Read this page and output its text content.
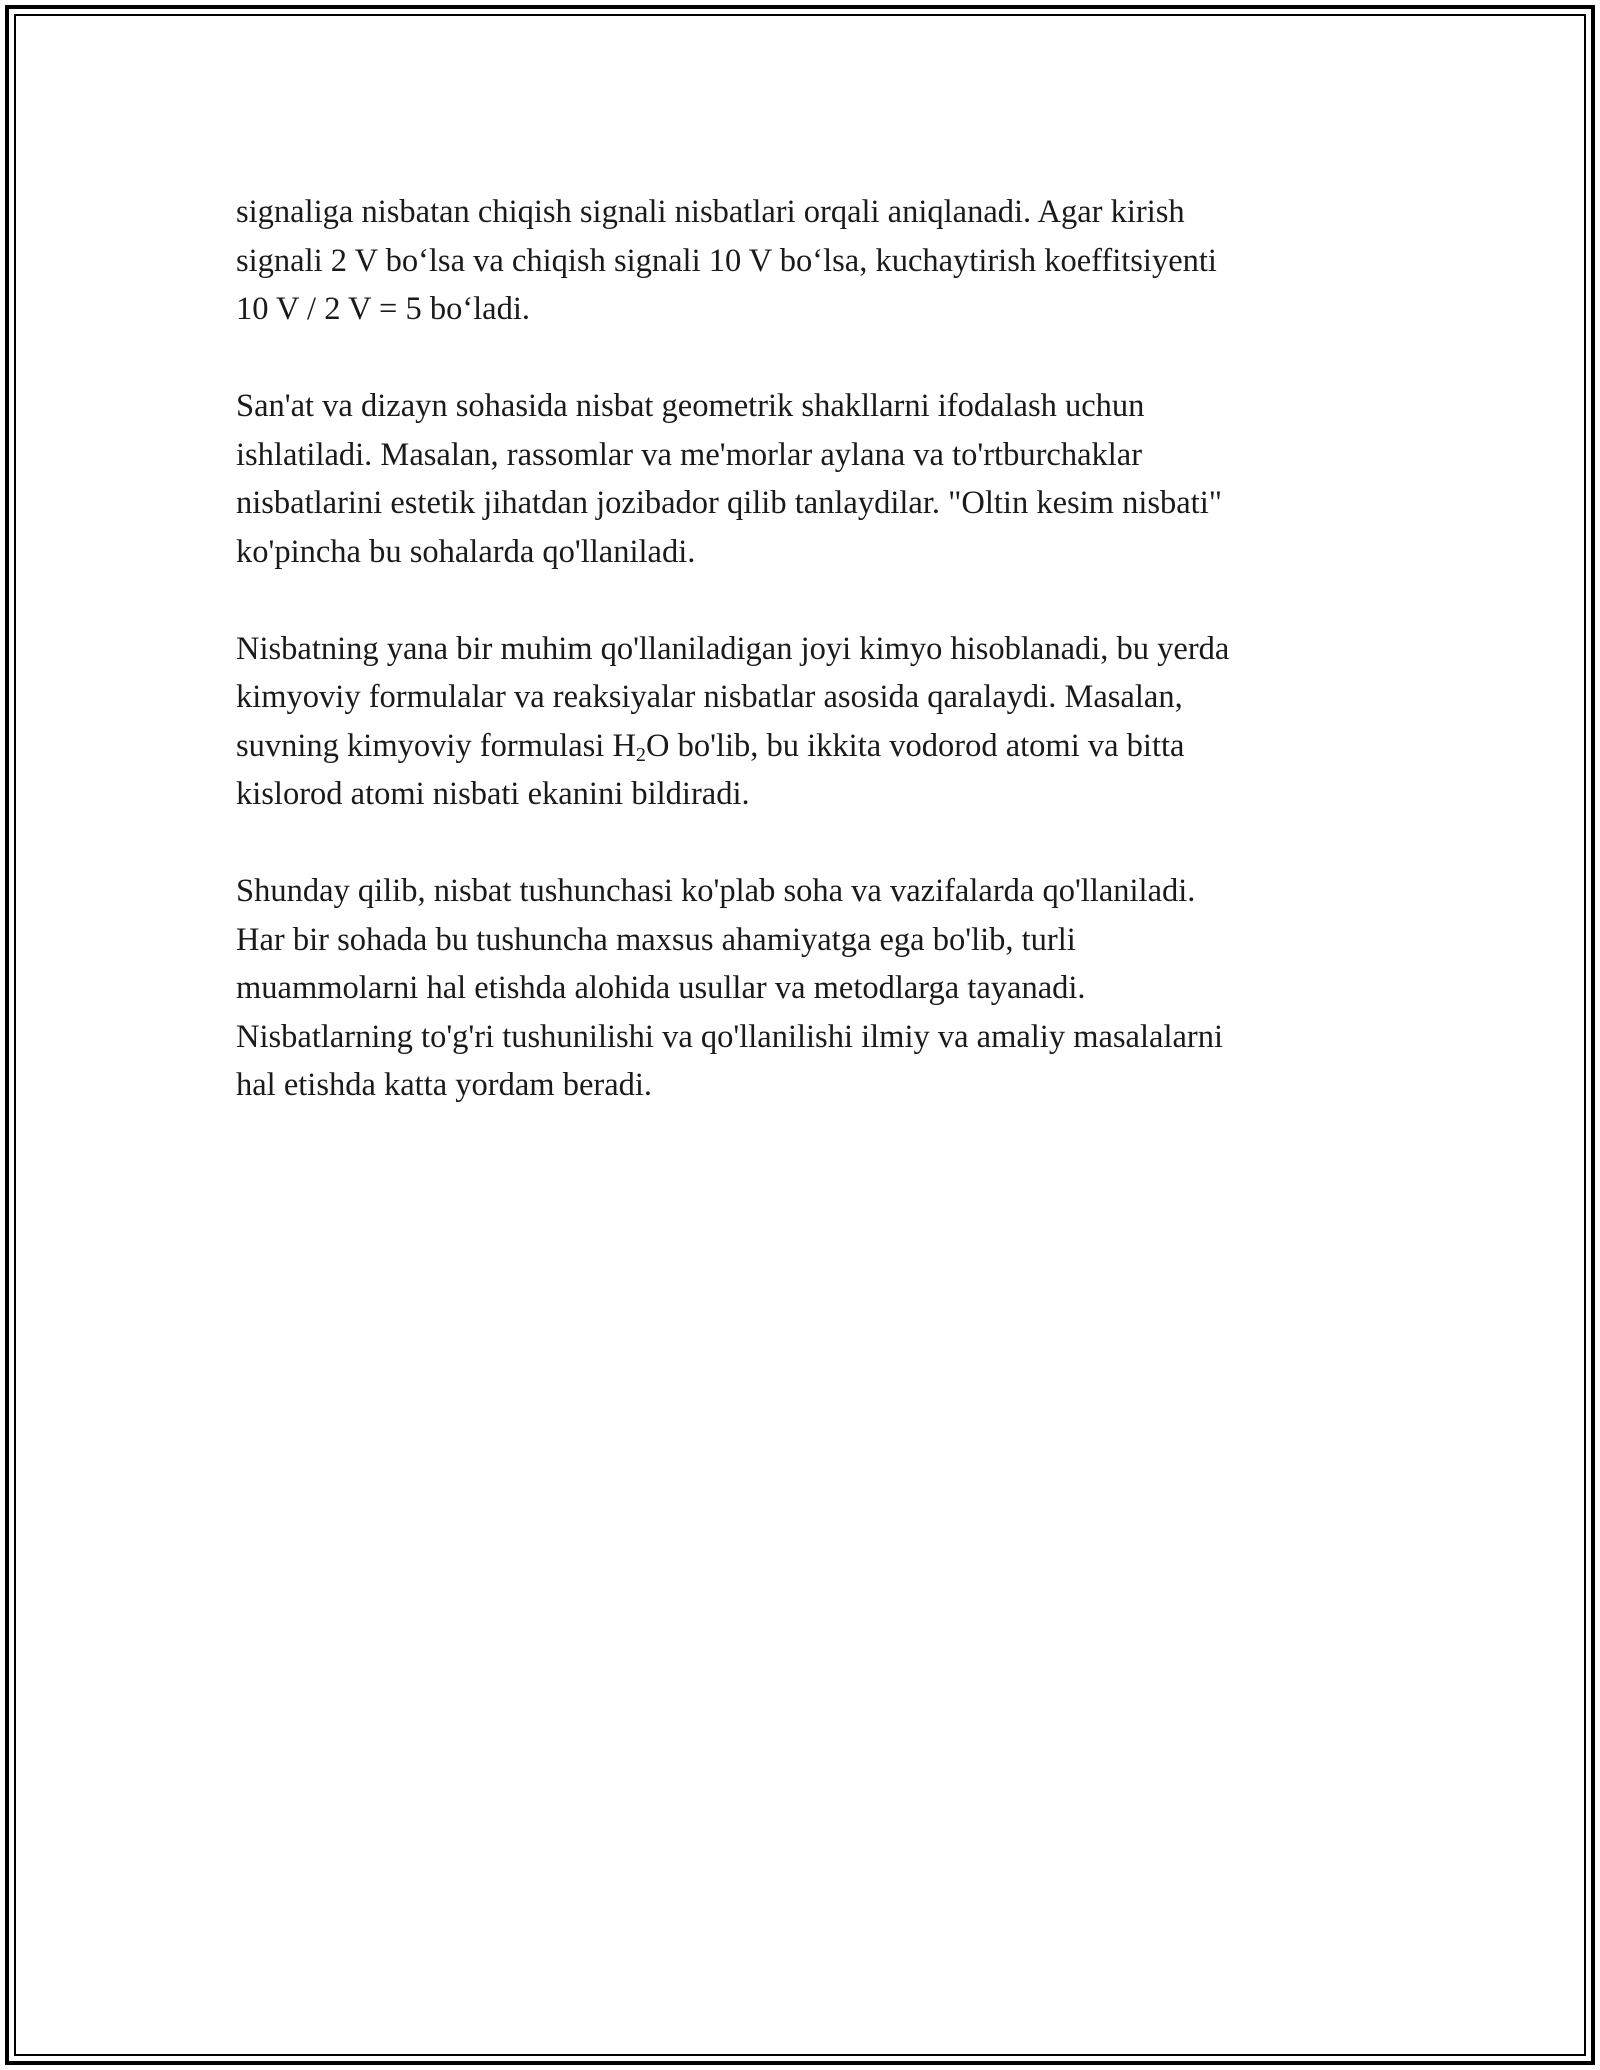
signaliga nisbatan chiqish signali nisbatlari orqali aniqlanadi. Agar kirish
signali 2 V bo‘lsa va chiqish signali 10 V bo‘lsa, kuchaytirish koeffitsiyenti
10 V / 2 V = 5 bo‘ladi.
San'at va dizayn sohasida nisbat geometrik shakllarni ifodalash uchun
ishlatiladi. Masalan, rassomlar va me'morlar aylana va to'rtburchaklar
nisbatlarini estetik jihatdan jozibador qilib tanlaydilar. "Oltin kesim nisbati"
ko'pincha bu sohalarda qo'llaniladi.
Nisbatning yana bir muhim qo'llaniladigan joyi kimyo hisoblanadi, bu yerda
kimyoviy formulalar va reaksiyalar nisbatlar asosida qaralaydi. Masalan,
suvning kimyoviy formulasi $H_2O$ bo'lib, bu ikkita vodorod atomi va bitta
kislorod atomi nisbati ekanini bildiradi.
Shunday qilib, nisbat tushunchasi ko'plab soha va vazifalarda qo'llaniladi.
Har bir sohada bu tushuncha maxsus ahamiyatga ega bo'lib, turli
muammolarni hal etishda alohida usullar va metodlarga tayanadi.
Nisbatlarning to'g'ri tushunilishi va qo'llanilishi ilmiy va amaliy masalalarni
hal etishda katta yordam beradi.
